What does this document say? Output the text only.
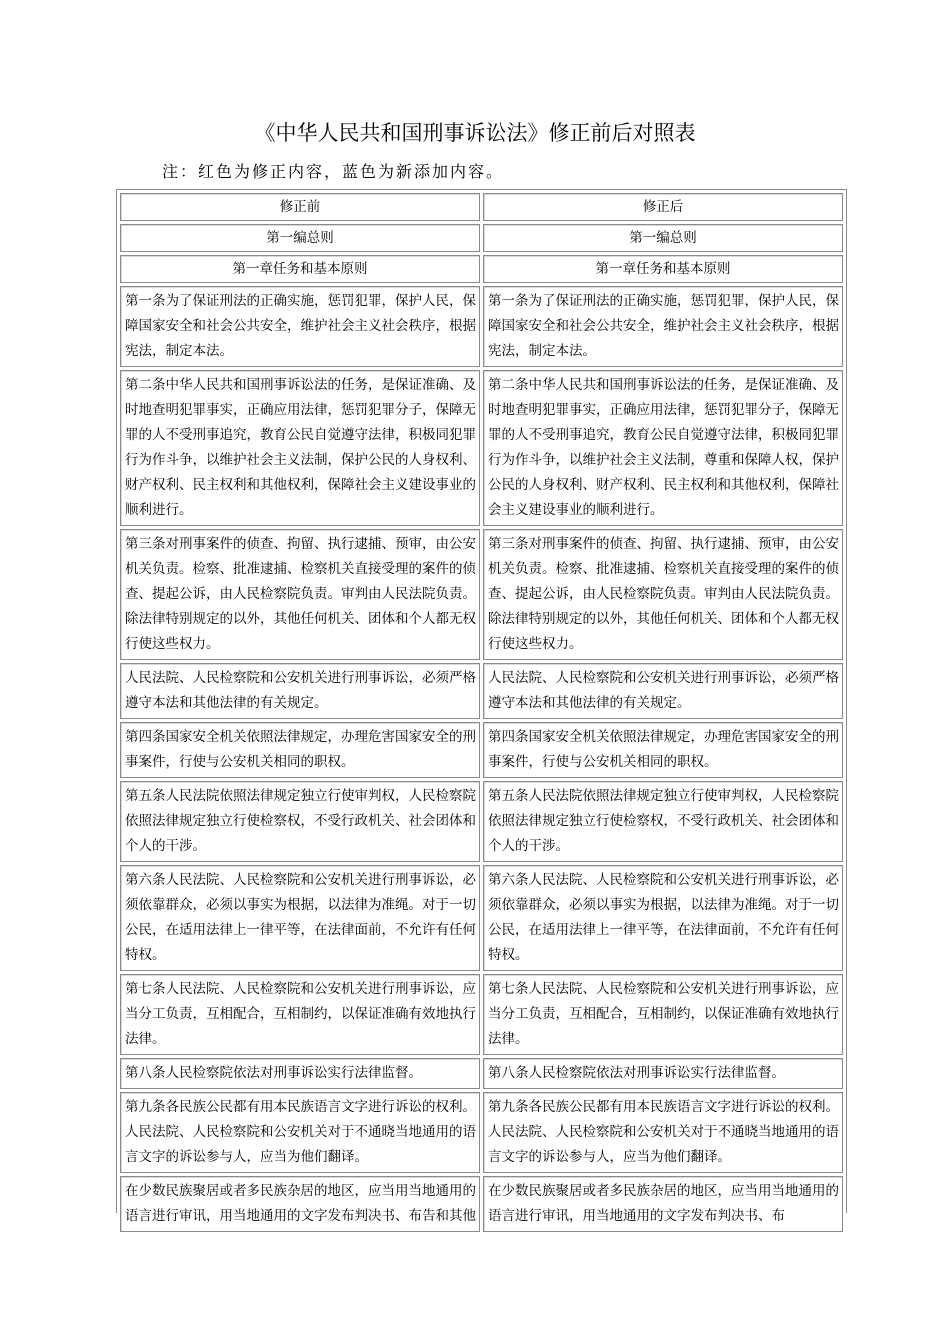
《中华人民共和国刑事诉讼法》修正前后对照表
注：红色为修正内容，蓝色为新添加内容。
修正前	修正后
第一编总则	第一编总则
第一章任务和基本原则	第一章任务和基本原则
第一条为了保证刑法的正确实施，惩罚犯罪，保护人民，保障国家安全和社会公共安全，维护社会主义社会秩序，根据宪法，制定本法。	第一条为了保证刑法的正确实施，惩罚犯罪，保护人民，保障国家安全和社会公共安全，维护社会主义社会秩序，根据宪法，制定本法。
第二条中华人民共和国刑事诉讼法的任务，是保证准确、及时地查明犯罪事实，正确应用法律，惩罚犯罪分子，保障无罪的人不受刑事追究，教育公民自觉遵守法律，积极同犯罪行为作斗争，以维护社会主义法制，保护公民的人身权利、财产权利、民主权利和其他权利，保障社会主义建设事业的顺利进行。	第二条中华人民共和国刑事诉讼法的任务，是保证准确、及时地查明犯罪事实，正确应用法律，惩罚犯罪分子，保障无罪的人不受刑事追究，教育公民自觉遵守法律，积极同犯罪行为作斗争，以维护社会主义法制，尊重和保障人权，保护公民的人身权利、财产权利、民主权利和其他权利，保障社会主义建设事业的顺利进行。
第三条对刑事案件的侦查、拘留、执行逮捕、预审，由公安机关负责。检察、批准逮捕、检察机关直接受理的案件的侦查、提起公诉，由人民检察院负责。审判由人民法院负责。除法律特别规定的以外，其他任何机关、团体和个人都无权行使这些权力。	第三条对刑事案件的侦查、拘留、执行逮捕、预审，由公安机关负责。检察、批准逮捕、检察机关直接受理的案件的侦查、提起公诉，由人民检察院负责。审判由人民法院负责。除法律特别规定的以外，其他任何机关、团体和个人都无权行使这些权力。
人民法院、人民检察院和公安机关进行刑事诉讼，必须严格遵守本法和其他法律的有关规定。	人民法院、人民检察院和公安机关进行刑事诉讼，必须严格遵守本法和其他法律的有关规定。
第四条国家安全机关依照法律规定，办理危害国家安全的刑事案件，行使与公安机关相同的职权。	第四条国家安全机关依照法律规定，办理危害国家安全的刑事案件，行使与公安机关相同的职权。
第五条人民法院依照法律规定独立行使审判权，人民检察院依照法律规定独立行使检察权，不受行政机关、社会团体和个人的干涉。	第五条人民法院依照法律规定独立行使审判权，人民检察院依照法律规定独立行使检察权，不受行政机关、社会团体和个人的干涉。
第六条人民法院、人民检察院和公安机关进行刑事诉讼，必须依靠群众，必须以事实为根据，以法律为准绳。对于一切公民，在适用法律上一律平等，在法律面前，不允许有任何特权。	第六条人民法院、人民检察院和公安机关进行刑事诉讼，必须依靠群众，必须以事实为根据，以法律为准绳。对于一切公民，在适用法律上一律平等，在法律面前，不允许有任何特权。
第七条人民法院、人民检察院和公安机关进行刑事诉讼，应当分工负责，互相配合，互相制约，以保证准确有效地执行法律。	第七条人民法院、人民检察院和公安机关进行刑事诉讼，应当分工负责，互相配合，互相制约，以保证准确有效地执行法律。
第八条人民检察院依法对刑事诉讼实行法律监督。	第八条人民检察院依法对刑事诉讼实行法律监督。
第九条各民族公民都有用本民族语言文字进行诉讼的权利。人民法院、人民检察院和公安机关对于不通晓当地通用的语言文字的诉讼参与人，应当为他们翻译。	第九条各民族公民都有用本民族语言文字进行诉讼的权利。人民法院、人民检察院和公安机关对于不通晓当地通用的语言文字的诉讼参与人，应当为他们翻译。
在少数民族聚居或者多民族杂居的地区，应当用当地通用的语言进行审讯，用当地通用的文字发布判决书、布告和其他	在少数民族聚居或者多民族杂居的地区，应当用当地通用的语言进行审讯，用当地通用的文字发布判决书、布
